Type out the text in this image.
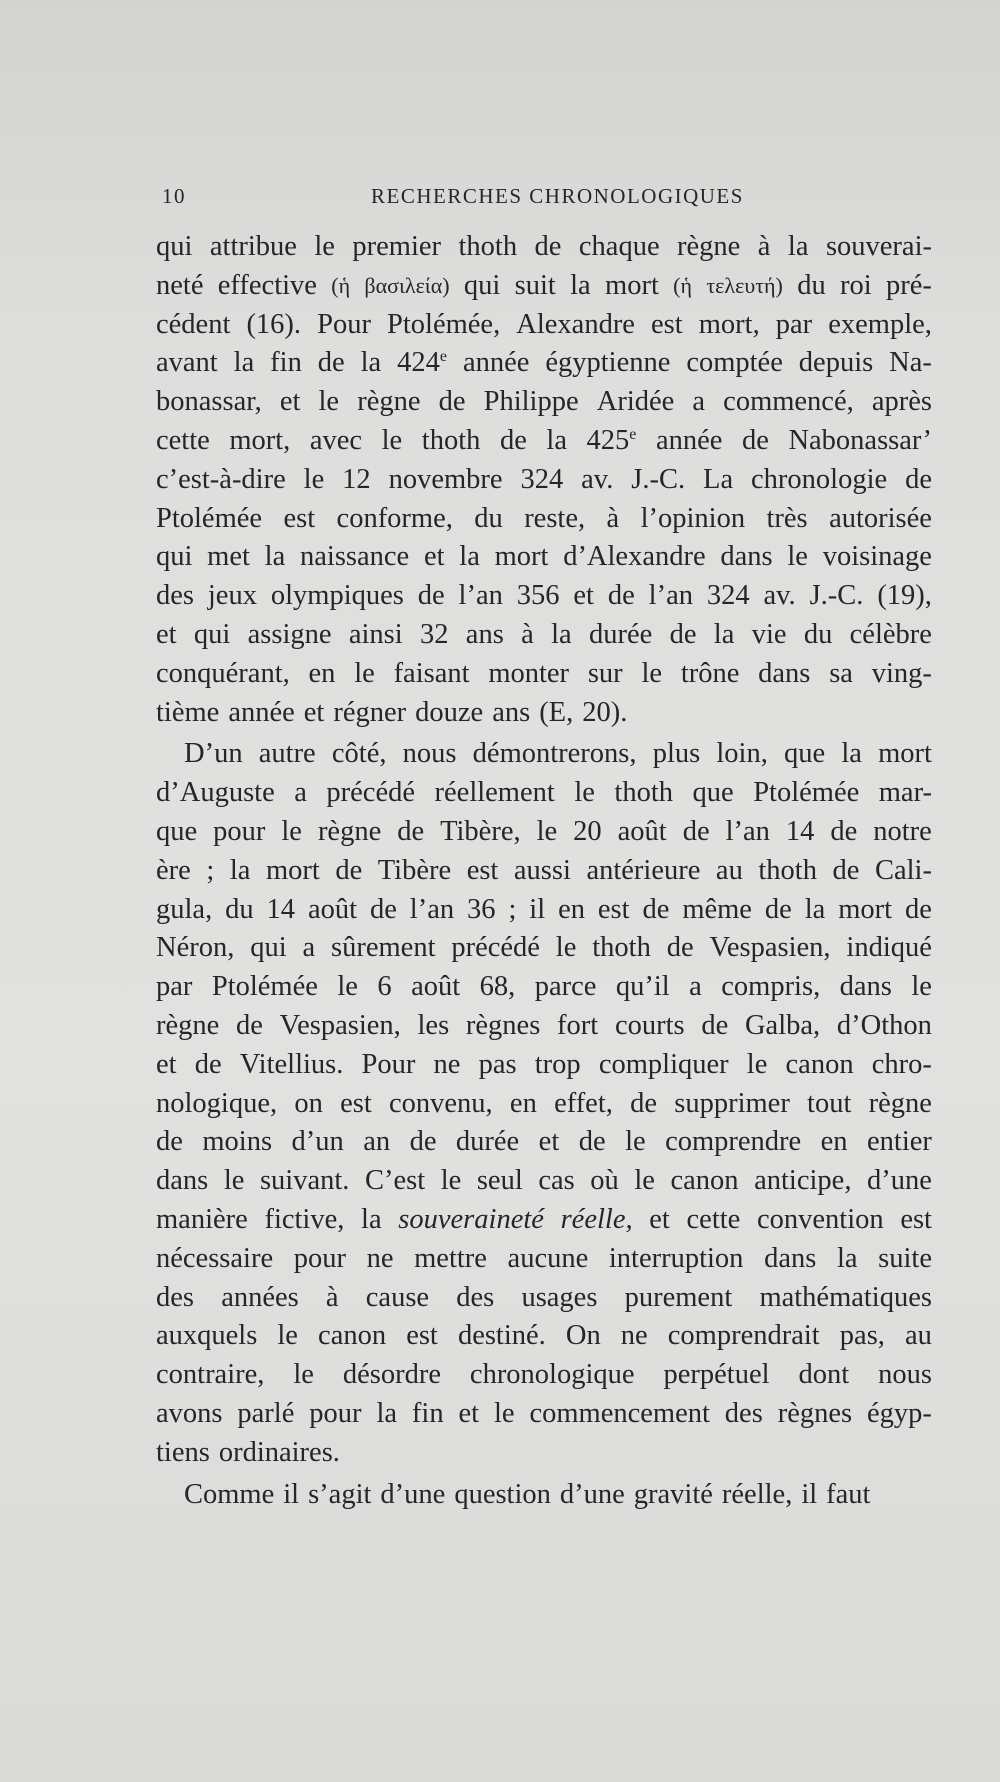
10	RECHERCHES CHRONOLOGIQUES
qui attribue le premier thoth de chaque règne à la souverai-
neté effective (ἡ βασιλεία) qui suit la mort (ἡ τελευτή) du roi pré-
cédent (16). Pour Ptolémée, Alexandre est mort, par exemple,
avant la fin de la 424e année égyptienne comptée depuis Na-
bonassar, et le règne de Philippe Aridée a commencé, après
cette mort, avec le thoth de la 425e année de Nabonassar’
c’est-à-dire le 12 novembre 324 av. J.-C. La chronologie de
Ptolémée est conforme, du reste, à l’opinion très autorisée
qui met la naissance et la mort d’Alexandre dans le voisinage
des jeux olympiques de l’an 356 et de l’an 324 av. J.-C. (19),
et qui assigne ainsi 32 ans à la durée de la vie du célèbre
conquérant, en le faisant monter sur le trône dans sa ving-
tième année et régner douze ans (E, 20).
D’un autre côté, nous démontrerons, plus loin, que la mort
d’Auguste a précédé réellement le thoth que Ptolémée mar-
que pour le règne de Tibère, le 20 août de l’an 14 de notre
ère ; la mort de Tibère est aussi antérieure au thoth de Cali-
gula, du 14 août de l’an 36 ; il en est de même de la mort de
Néron, qui a sûrement précédé le thoth de Vespasien, indiqué
par Ptolémée le 6 août 68, parce qu’il a compris, dans le
règne de Vespasien, les règnes fort courts de Galba, d’Othon
et de Vitellius. Pour ne pas trop compliquer le canon chro-
nologique, on est convenu, en effet, de supprimer tout règne
de moins d’un an de durée et de le comprendre en entier
dans le suivant. C’est le seul cas où le canon anticipe, d’une
manière fictive, la souveraineté réelle, et cette convention est
nécessaire pour ne mettre aucune interruption dans la suite
des années à cause des usages purement mathématiques
auxquels le canon est destiné. On ne comprendrait pas, au
contraire, le désordre chronologique perpétuel dont nous
avons parlé pour la fin et le commencement des règnes égyp-
tiens ordinaires.
Comme il s’agit d’une question d’une gravité réelle, il faut
